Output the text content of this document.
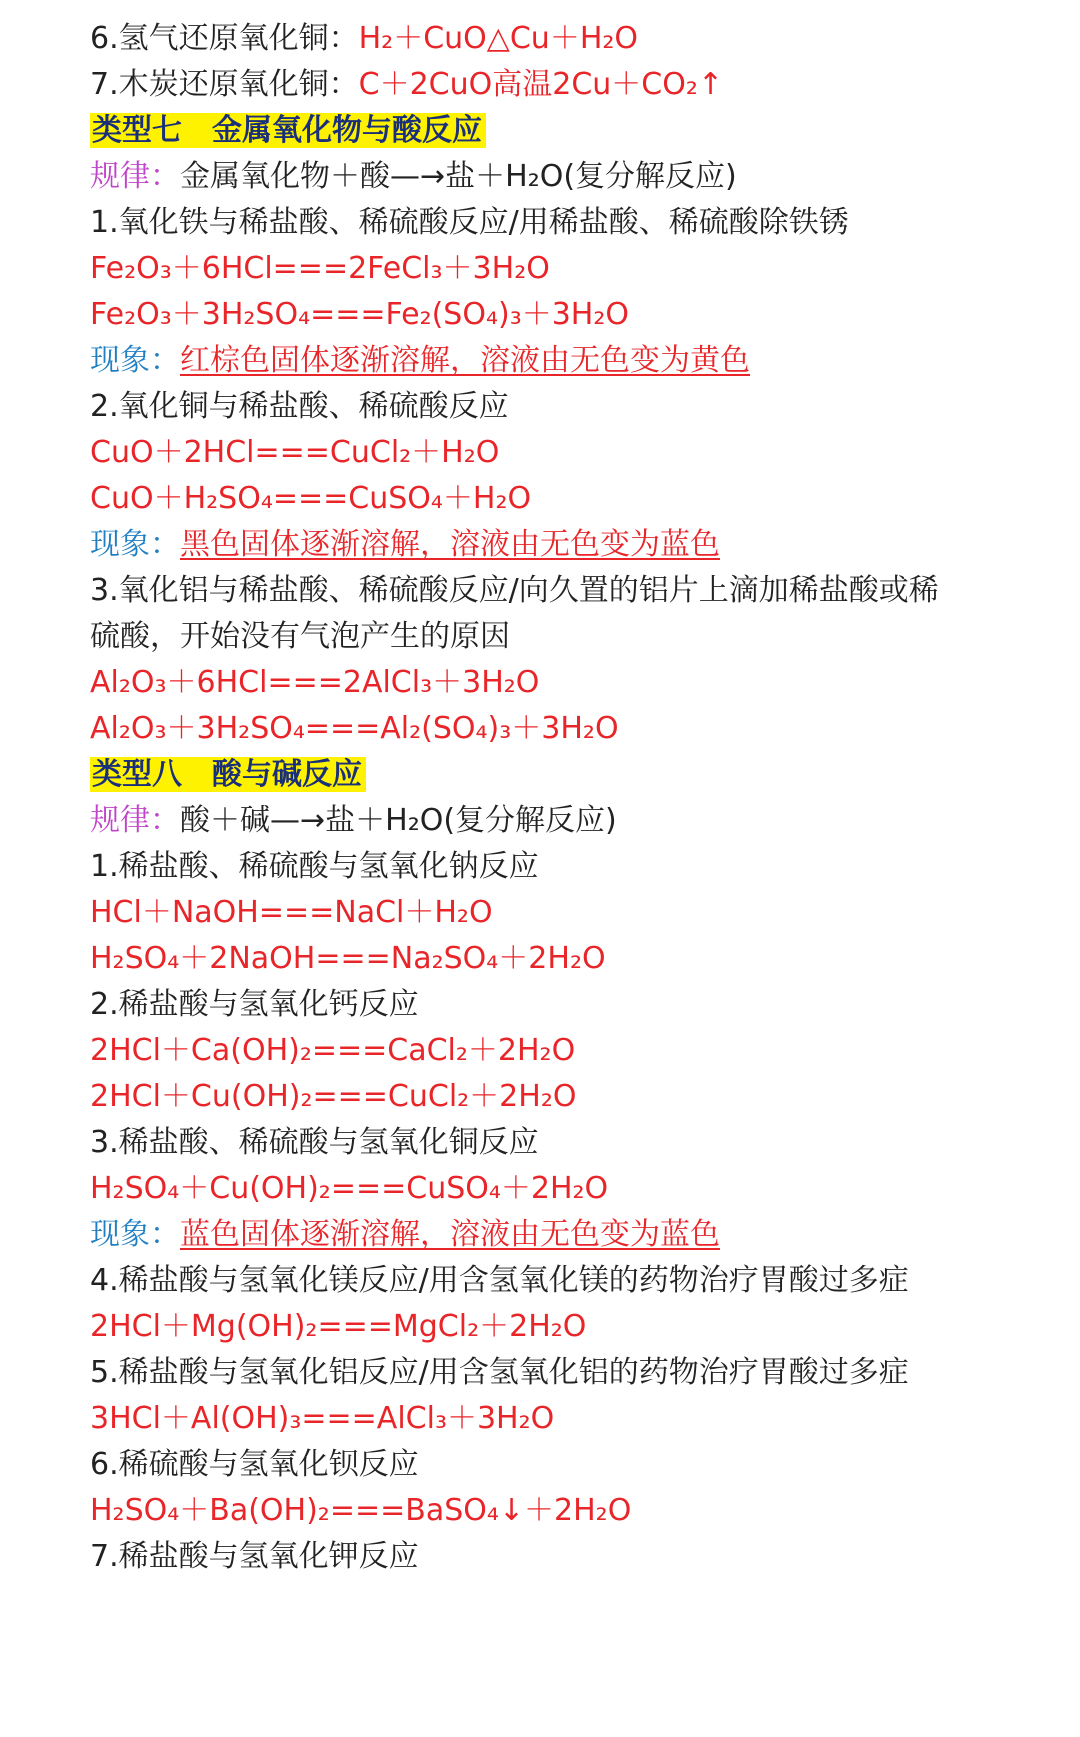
6.氢气还原氧化铜：H₂＋CuO△Cu＋H₂O
7.木炭还原氧化铜：C＋2CuO高温2Cu＋CO₂↑
类型七　金属氧化物与酸反应
规律：金属氧化物＋酸—→盐＋H₂O(复分解反应)
1.氧化铁与稀盐酸、稀硫酸反应/用稀盐酸、稀硫酸除铁锈
Fe₂O₃＋6HCl===2FeCl₃＋3H₂O
Fe₂O₃＋3H₂SO₄===Fe₂(SO₄)₃＋3H₂O
现象：红棕色固体逐渐溶解，溶液由无色变为黄色
2.氧化铜与稀盐酸、稀硫酸反应
CuO＋2HCl===CuCl₂＋H₂O
CuO＋H₂SO₄===CuSO₄＋H₂O
现象：黑色固体逐渐溶解，溶液由无色变为蓝色
3.氧化铝与稀盐酸、稀硫酸反应/向久置的铝片上滴加稀盐酸或稀
硫酸，开始没有气泡产生的原因
Al₂O₃＋6HCl===2AlCl₃＋3H₂O
Al₂O₃＋3H₂SO₄===Al₂(SO₄)₃＋3H₂O
类型八　酸与碱反应
规律：酸＋碱—→盐＋H₂O(复分解反应)
1.稀盐酸、稀硫酸与氢氧化钠反应
HCl＋NaOH===NaCl＋H₂O
H₂SO₄＋2NaOH===Na₂SO₄＋2H₂O
2.稀盐酸与氢氧化钙反应
2HCl＋Ca(OH)₂===CaCl₂＋2H₂O
2HCl＋Cu(OH)₂===CuCl₂＋2H₂O
3.稀盐酸、稀硫酸与氢氧化铜反应
H₂SO₄＋Cu(OH)₂===CuSO₄＋2H₂O
现象：蓝色固体逐渐溶解，溶液由无色变为蓝色
4.稀盐酸与氢氧化镁反应/用含氢氧化镁的药物治疗胃酸过多症
2HCl＋Mg(OH)₂===MgCl₂＋2H₂O
5.稀盐酸与氢氧化铝反应/用含氢氧化铝的药物治疗胃酸过多症
3HCl＋Al(OH)₃===AlCl₃＋3H₂O
6.稀硫酸与氢氧化钡反应
H₂SO₄＋Ba(OH)₂===BaSO₄↓＋2H₂O
7.稀盐酸与氢氧化钾反应
